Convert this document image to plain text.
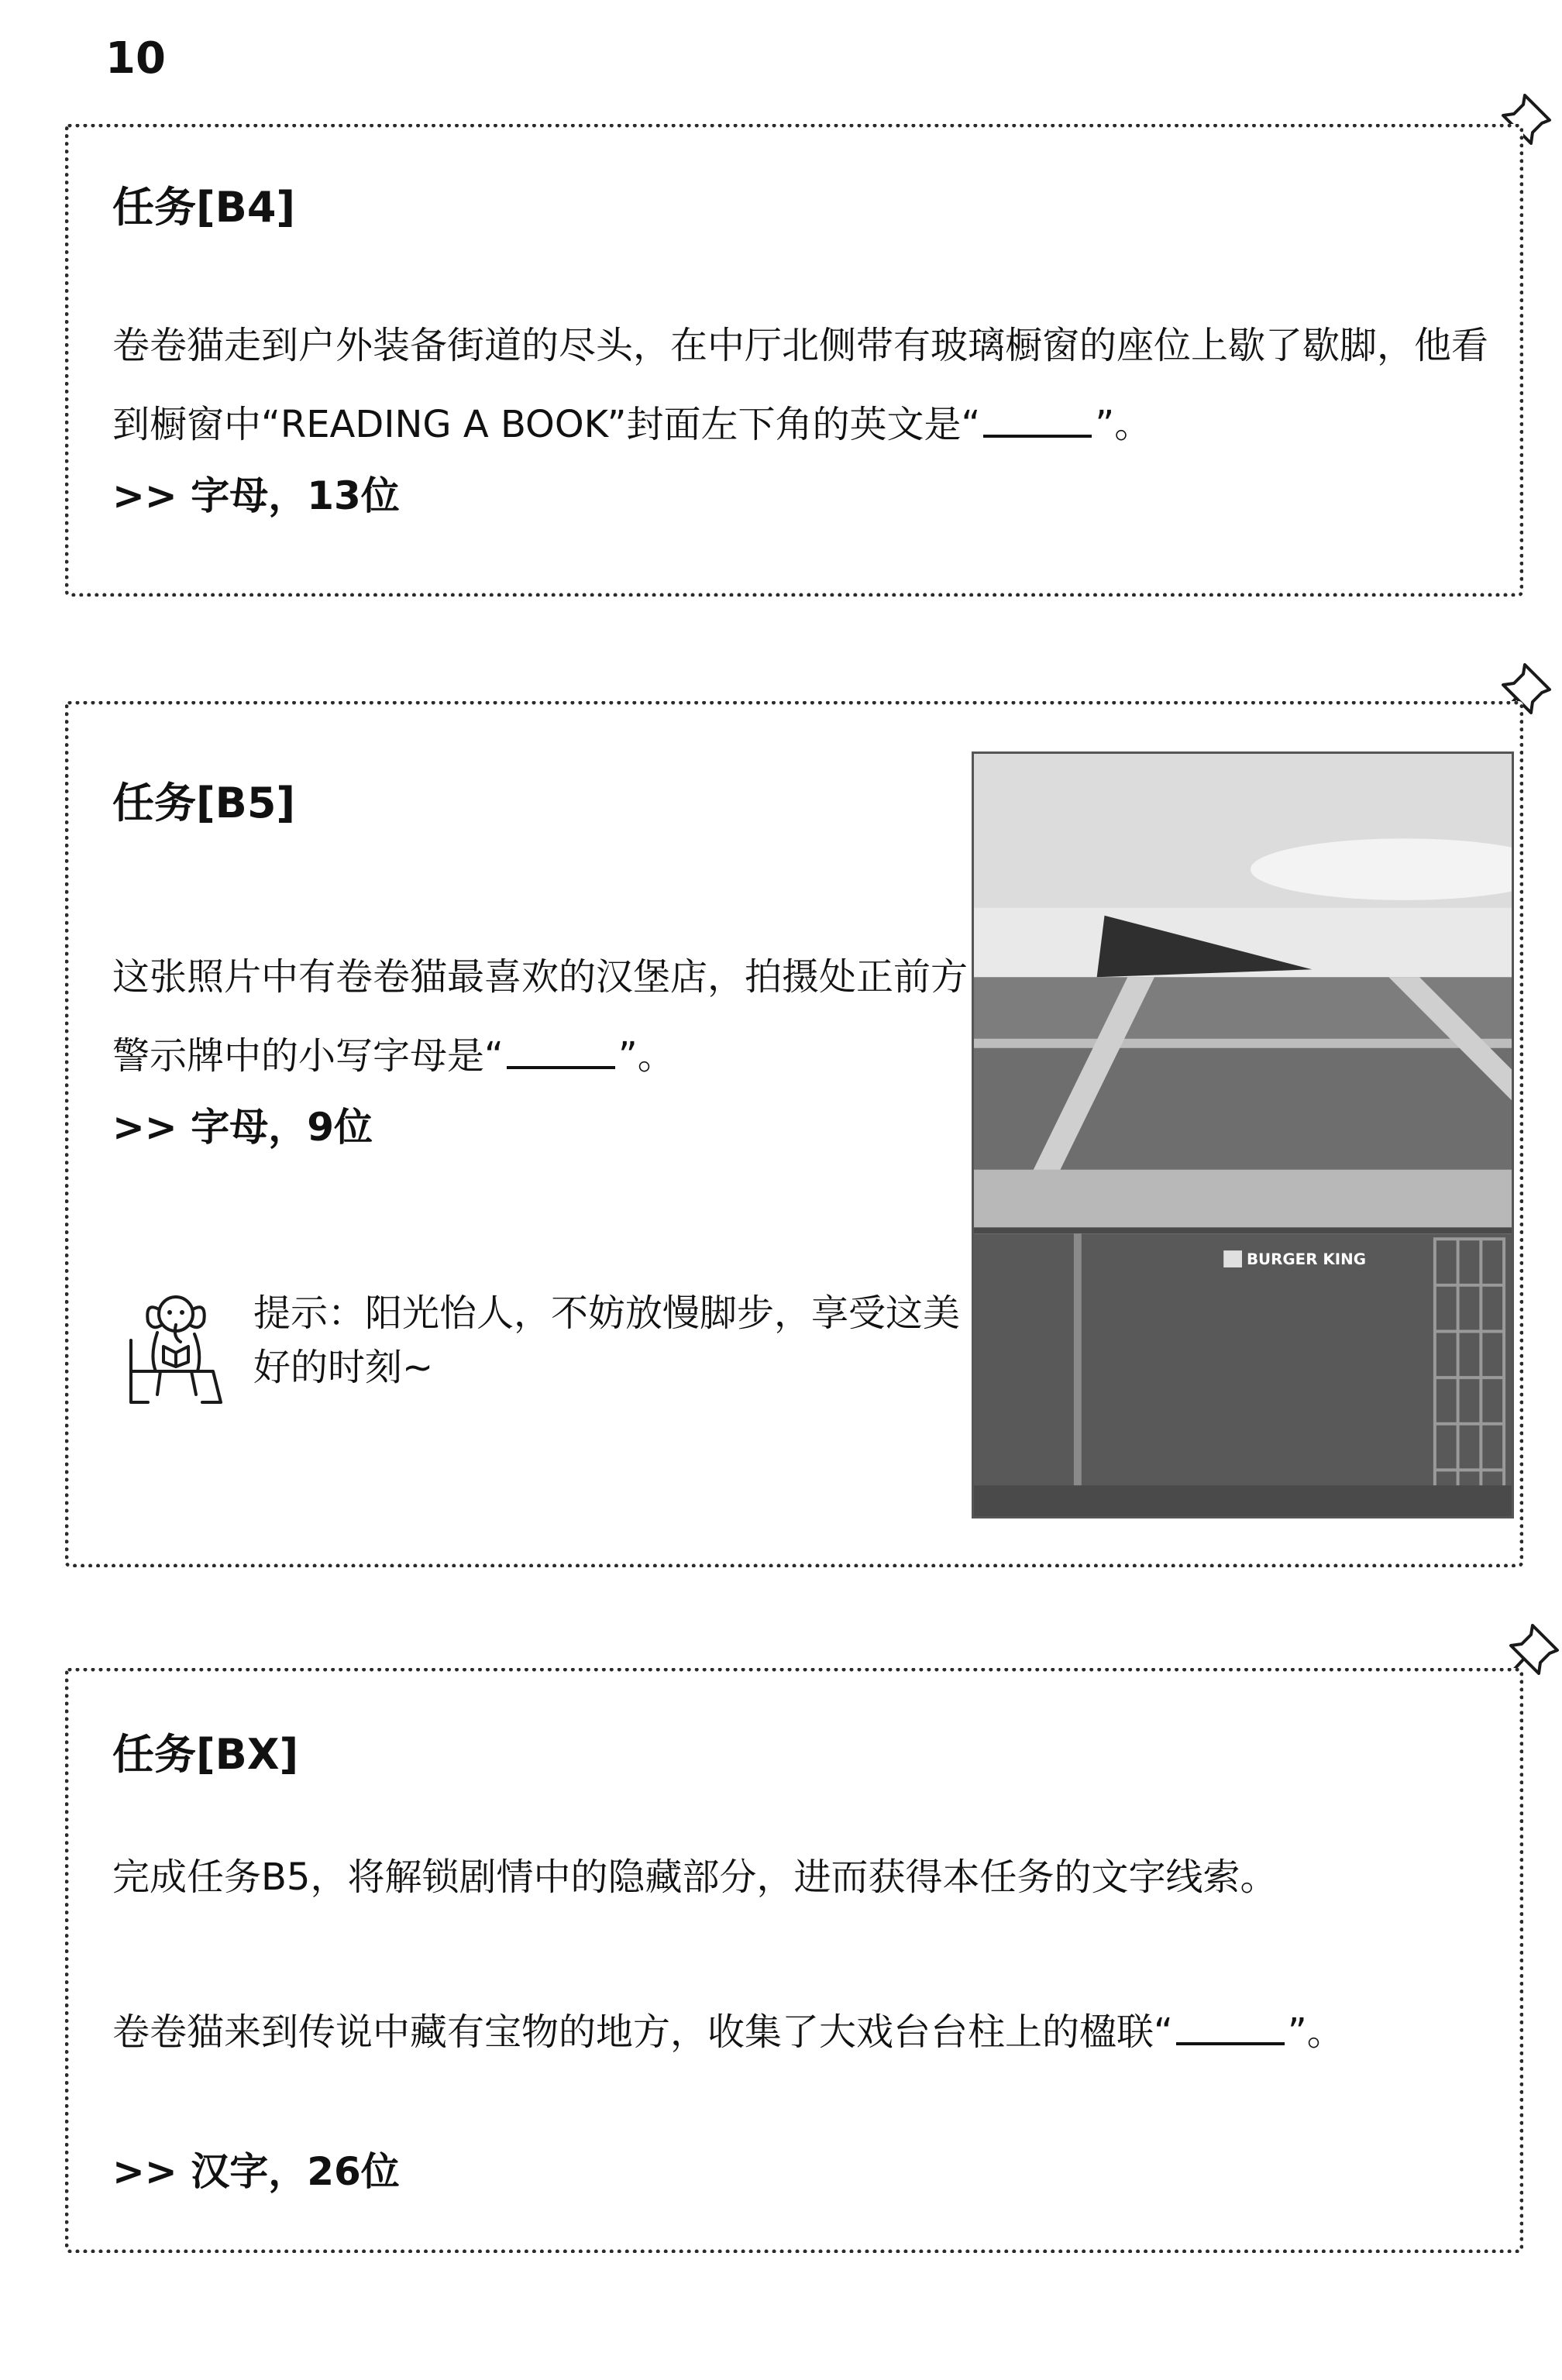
10
任务[B4]
卷卷猫走到户外装备街道的尽头，在中厅北侧带有玻璃橱窗的座位上歇了歇脚，他看到橱窗中“READING A BOOK”封面左下角的英文是“	”。
>> 字母，13位
任务[B5]
这张照片中有卷卷猫最喜欢的汉堡店，拍摄处正前方警示牌中的小写字母是“	”。
>> 字母，9位
提示：阳光怡人，不妨放慢脚步，享受这美好的时刻~
BURGER KING
任务[BX]
完成任务B5，将解锁剧情中的隐藏部分，进而获得本任务的文字线索。
卷卷猫来到传说中藏有宝物的地方，收集了大戏台台柱上的楹联“	”。
>> 汉字，26位
